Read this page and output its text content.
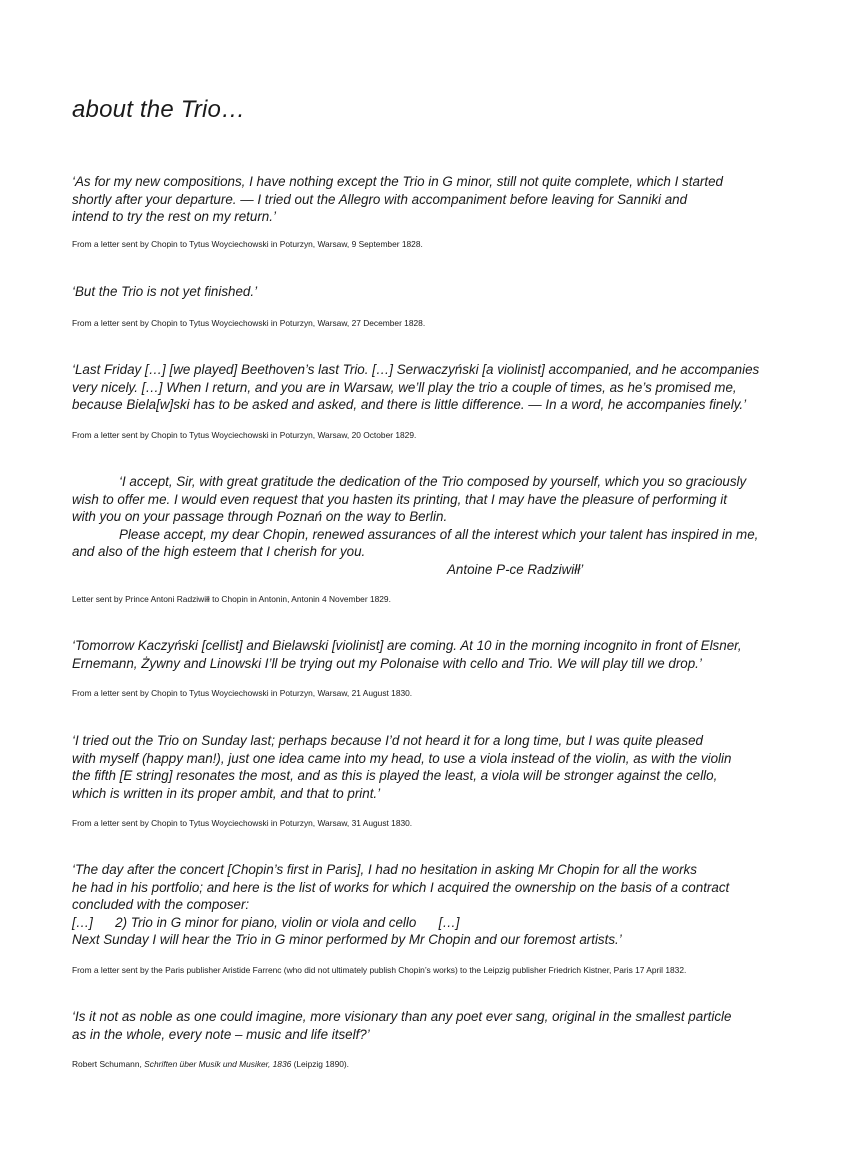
about the Trio…
‘As for my new compositions, I have nothing except the Trio in G minor, still not quite complete, which I started
shortly after your departure. — I tried out the Allegro with accompaniment before leaving for Sanniki and
intend to try the rest on my return.’
From a letter sent by Chopin to Tytus Woyciechowski in Poturzyn, Warsaw, 9 September 1828.
‘But the Trio is not yet finished.’
From a letter sent by Chopin to Tytus Woyciechowski in Poturzyn, Warsaw, 27 December 1828.
‘Last Friday […] [we played] Beethoven’s last Trio. […] Serwaczyński [a violinist] accompanied, and he accompanies
very nicely. […] When I return, and you are in Warsaw, we’ll play the trio a couple of times, as he’s promised me,
because Biela[w]ski has to be asked and asked, and there is little difference. — In a word, he accompanies finely.’
From a letter sent by Chopin to Tytus Woyciechowski in Poturzyn, Warsaw, 20 October 1829.
‘I accept, Sir, with great gratitude the dedication of the Trio composed by yourself, which you so graciously
wish to offer me. I would even request that you hasten its printing, that I may have the pleasure of performing it
with you on your passage through Poznań on the way to Berlin.
Please accept, my dear Chopin, renewed assurances of all the interest which your talent has inspired in me,
and also of the high esteem that I cherish for you.
Antoine P-ce Radziwiłł’
Letter sent by Prince Antoni Radziwiłł to Chopin in Antonin, Antonin 4 November 1829.
‘Tomorrow Kaczyński [cellist] and Bielawski [violinist] are coming. At 10 in the morning incognito in front of Elsner,
Ernemann, Żywny and Linowski I’ll be trying out my Polonaise with cello and Trio. We will play till we drop.’
From a letter sent by Chopin to Tytus Woyciechowski in Poturzyn, Warsaw, 21 August 1830.
‘I tried out the Trio on Sunday last; perhaps because I’d not heard it for a long time, but I was quite pleased
with myself (happy man!), just one idea came into my head, to use a viola instead of the violin, as with the violin
the fifth [E string] resonates the most, and as this is played the least, a viola will be stronger against the cello,
which is written in its proper ambit, and that to print.’
From a letter sent by Chopin to Tytus Woyciechowski in Poturzyn, Warsaw, 31 August 1830.
‘The day after the concert [Chopin’s first in Paris], I had no hesitation in asking Mr Chopin for all the works
he had in his portfolio; and here is the list of works for which I acquired the ownership on the basis of a contract
concluded with the composer:
[…]      2) Trio in G minor for piano, violin or viola and cello      […]
Next Sunday I will hear the Trio in G minor performed by Mr Chopin and our foremost artists.’
From a letter sent by the Paris publisher Aristide Farrenc (who did not ultimately publish Chopin’s works) to the Leipzig publisher Friedrich Kistner, Paris 17 April 1832.
‘Is it not as noble as one could imagine, more visionary than any poet ever sang, original in the smallest particle
as in the whole, every note – music and life itself?’
Robert Schumann, Schriften über Musik und Musiker, 1836 (Leipzig 1890).
